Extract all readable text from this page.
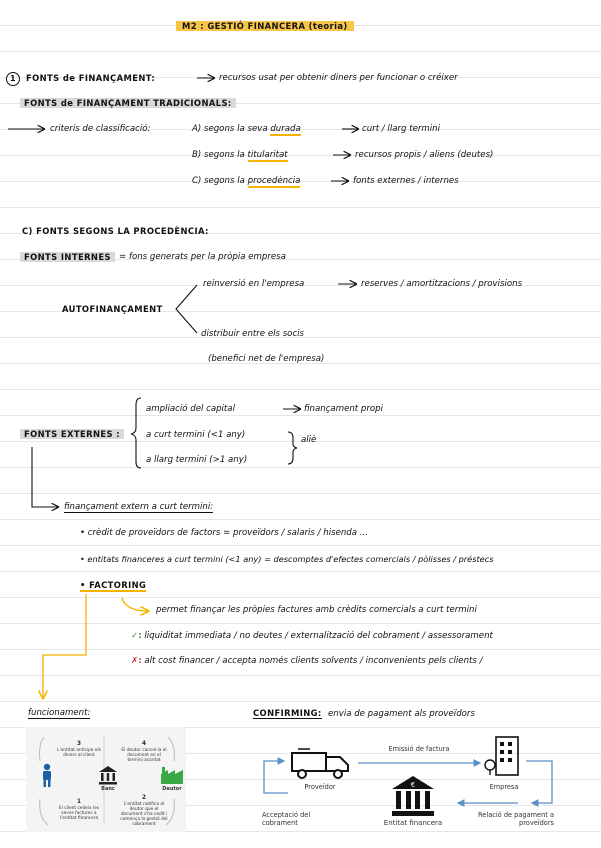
M2 : GESTIÓ FINANCERA (teoria)
1 FONTS de FINANÇAMENT:	recursos usat per obtenir diners per funcionar o créixer
FONTS de FINANÇAMENT TRADICIONALS:
criteris de classificació:	A) segons la seva durada	curt / llarg termini
B) segons la titularitat	recursos propis / aliens (deutes)
C) segons la procedència	fonts externes / internes
C) FONTS SEGONS LA PROCEDÈNCIA:
FONTS INTERNES = fons generats per la pròpia empresa
AUTOFINANÇAMENT
reinversió en l'empresa	reserves / amortitzacions / provisions
distribuir entre els socis
(benefici net de l'empresa)
FONTS EXTERNES :
ampliació del capital	finançament propi
a curt termini (<1 any)
a llarg termini (>1 any)
aliè
finançament extern a curt termini:
• crèdit de proveïdors de factors = proveïdors / salaris / hisenda ...
• entitats financeres a curt termini (<1 any) = descomptes d'efectes comercials / pòlisses / préstecs
• FACTORING
permet finançar les pròpies factures amb crèdits comercials a curt termini
✓: liquiditat immediata / no deutes / externalització del cobrament / assessorament
✗: alt cost financer / accepta només clients solvents / inconvenients pels clients /
funcionament:	CONFIRMING: envia de pagament als proveïdors
3
L'entitat anticipa els diners al client
4
El deutor cancel·la el document en el termini acordat
Banc	Deutor
1
El client cedeix les seves factures a l'entitat financera
2
L'entitat notifica al deutor que el document s'ha cedit i comença la gestió del cobrament
Emissió de factura
Proveïdor	Empresa
€
Entitat financera
Acceptació del cobrament
Relació de pagament a proveïdors
